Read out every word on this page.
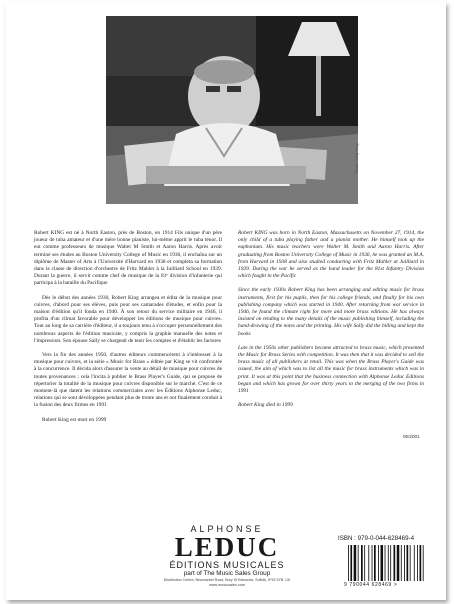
Photo: Sally King

Robert KING est né à North Easton, près de Boston, en 1914 Fils unique d'un père joueur de tuba amateur et d'une mère bonne pianiste, lui-même apprit le tuba ténor. Il eut comme professeurs de musique Walter M Smith et Aaron Harris. Après avoir terminé ses études au Boston University College of Music en 1936, il enchaîna sur un diplôme de Master of Arts à l'Université d'Harvard en 1938 et compléta sa formation dans la classe de direction d'orchestre de Fritz Mahler à la Juilliard School en 1939. Durant la guerre, il servit comme chef de musique de la 81ᵉ division d'infanterie qui participa à la bataille du Pacifique

Dès le début des années 1930, Robert King arrangea et édita de la musique pour cuivres, d'abord pour ses élèves, puis pour ses camarades d'études, et enfin pour la maison d'édition qu'il fonda en 1940. À son retour du service militaire en 1946, il profita d'un climat favorable pour développer les éditions de musique pour cuivres. Tout au long de sa carrière d'éditeur, il a toujours tenu à s'occuper personnellement des nombreux aspects de l'édition musicale, y compris la graphie manuelle des notes et l'impression. Son épouse Sally se chargeait de tenir les comptes et d'établir les factures

Vers la fin des années 1950, d'autres éditeurs commencèrent à s'intéresser à la musique pour cuivres, et la série « Music for Brass » éditée par King se vit confrontée à la concurrence. Il décida alors d'assurer la vente au détail de musique pour cuivres de toutes provenances ; cela l'incita à publier le Brass Player's Guide, qui se propose de répertorier la totalité de la musique pour cuivres disponible sur le marché. C'est de ce moment-là que datent les relations commerciales avec les Éditions Alphonse Leduc, relations qui se sont développées pendant plus de trente ans et ont finalement conduit à la fusion des deux firmes en 1991

Robert King est mort en 1999

Robert KING was born in North Easton, Massachusetts on November 27, 1914, the only child of a tuba playing father and a pianist mother. He himself took up the euphonium. His music teachers were Walter M. Smith and Aaron Harris. After graduating from Boston University College of Music in 1936, he was granted an M.A. from Harvard in 1938 and also studied conducting with Fritz Mahler at Juilliard in 1939. During the war he served as the band leader for the 81st Infantry Division which fought in the Pacific

Since the early 1930s Robert King has been arranging and editing music for brass instruments, first for his pupils, then for his college friends, and finally for his own publishing company which was started in 1940. After returning from war service in 1946, he found the climate right for more and more brass editions. He has always insisted on tending to the many details of the music publishing himself, including the hand-drawing of the notes and the printing. His wife Sally did the billing and kept the books

Late in the 1950s other publishers became attracted to brass music, which presented the Music for Brass Series with competition. It was then that it was decided to sell the brass music of all publishers at retail. This was when the Brass Player's Guide was issued, the aim of which was to list all the music for brass instruments which was in print. It was at this point that the business connection with Alphonse Leduc Editions began and which has grown for over thirty years to the merging of the two firms in 1991

Robert King died in 1999

05/2001
ALPHONSE
LEDUC
ÉDITIONS MUSICALES
part of The Music Sales Group
Distribution Centre, Newmarket Road, Bury St Edmunds, Suffolk, IP33 3YB, UK
www.musicsales.com
ISBN : 979-0-044-628469-4
9 790044 628469 >
